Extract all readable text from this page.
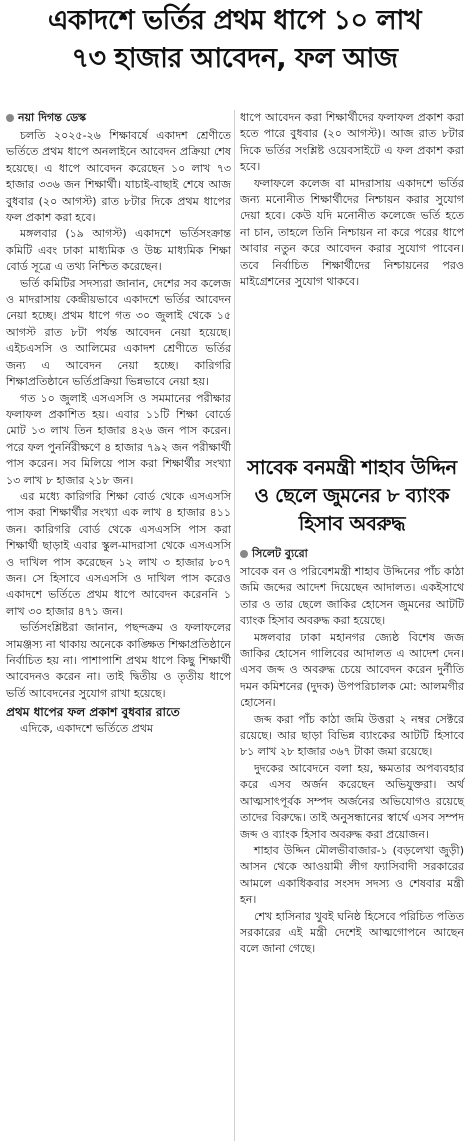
একাদশে ভর্তির প্রথম ধাপে ১০ লাখ
৭৩ হাজার আবেদন, ফল আজ
নয়া দিগন্ত ডেস্ক

চলতি ২০২৫-২৬ শিক্ষাবর্ষে একাদশ শ্রেণীতে ভর্তিতে প্রথম ধাপে অনলাইনে আবেদন প্রক্রিয়া শেষ হয়েছে। এ ধাপে আবেদন করেছেন ১০ লাখ ৭৩ হাজার ৩৩৬ জন শিক্ষার্থী। যাচাই-বাছাই শেষে আজ বুধবার (২০ আগস্ট) রাত ৮টার দিকে প্রথম ধাপের ফল প্রকাশ করা হবে।

মঙ্গলবার (১৯ আগস্ট) একাদশে ভর্তিসংক্রান্ত কমিটি এবং ঢাকা মাধ্যমিক ও উচ্চ মাধ্যমিক শিক্ষা বোর্ড সূত্রে এ তথ্য নিশ্চিত করেছেন।

ভর্তি কমিটির সদস্যরা জানান, দেশের সব কলেজ ও মাদরাসায় কেন্দ্রীয়ভাবে একাদশে ভর্তির আবেদন নেয়া হচ্ছে। প্রথম ধাপে গত ৩০ জুলাই থেকে ১৫ আগস্ট রাত ৮টা পর্যন্ত আবেদন নেয়া হয়েছে। এইচএসসি ও আলিমের একাদশ শ্রেণীতে ভর্তির জন্য এ আবেদন নেয়া হচ্ছে। কারিগরি শিক্ষাপ্রতিষ্ঠানে ভর্তিপ্রক্রিয়া ভিন্নভাবে নেয়া হয়।

গত ১০ জুলাই এসএসসি ও সমমানের পরীক্ষার ফলাফল প্রকাশিত হয়। এবার ১১টি শিক্ষা বোর্ডে মোট ১৩ লাখ তিন হাজার ৪২৬ জন পাস করেন। পরে ফল পুনর্নিরীক্ষণে ৪ হাজার ৭৯২ জন পরীক্ষার্থী পাস করেন। সব মিলিয়ে পাস করা শিক্ষার্থীর সংখ্যা ১৩ লাখ ৮ হাজার ২১৮ জন।

এর মধ্যে কারিগরি শিক্ষা বোর্ড থেকে এসএসসি পাস করা শিক্ষার্থীর সংখ্যা এক লাখ ৪ হাজার ৪১১ জন। কারিগরি বোর্ড থেকে এসএসসি পাস করা শিক্ষার্থী ছাড়াই এবার স্কুল-মাদরাসা থেকে এসএসসি ও দাখিল পাস করেছেন ১২ লাখ ৩ হাজার ৮০৭ জন। সে হিসাবে এসএসসি ও দাখিল পাস করেও একাদশে ভর্তিতে প্রথম ধাপে আবেদন করেননি ১ লাখ ৩০ হাজার ৪৭১ জন।

ভর্তিসংশ্লিষ্টরা জানান, পছন্দক্রম ও ফলাফলের সামঞ্জস্য না থাকায় অনেকে কাঙ্ক্ষিত শিক্ষাপ্রতিষ্ঠানে নির্বাচিত হয় না। পাশাপাশি প্রথম ধাপে কিছু শিক্ষার্থী আবেদনও করেন না। তাই দ্বিতীয় ও তৃতীয় ধাপে ভর্তি আবেদনের সুযোগ রাখা হয়েছে।

প্রথম ধাপের ফল প্রকাশ বুধবার রাতে

এদিকে, একাদশে ভর্তিতে প্রথম

ধাপে আবেদন করা শিক্ষার্থীদের ফলাফল প্রকাশ করা হতে পারে বুধবার (২০ আগস্ট)। আজ রাত ৮টার দিকে ভর্তির সংশ্লিষ্ট ওয়েবসাইটে এ ফল প্রকাশ করা হবে।

ফলাফলে কলেজ বা মাদরাসায় একাদশে ভর্তির জন্য মনোনীত শিক্ষার্থীদের নিশ্চায়ন করার সুযোগ দেয়া হবে। কেউ যদি মনোনীত কলেজে ভর্তি হতে না চান, তাহলে তিনি নিশ্চায়ন না করে পরের ধাপে আবার নতুন করে আবেদন করার সুযোগ পাবেন। তবে নির্বাচিত শিক্ষার্থীদের নিশ্চায়নের পরও মাইগ্রেশনের সুযোগ থাকবে।

সাবেক বনমন্ত্রী শাহাব উদ্দিন ও ছেলে জুমনের ৮ ব্যাংক হিসাব অবরুদ্ধ
সিলেট ব্যুরো

সাবেক বন ও পরিবেশমন্ত্রী শাহাব উদ্দিনের পাঁচ কাঠা জমি জব্দের আদেশ দিয়েছেন আদালত। একইসাথে তার ও তার ছেলে জাকির হোসেন জুমনের আটটি ব্যাংক হিসাব অবরুদ্ধ করা হয়েছে।

মঙ্গলবার ঢাকা মহানগর জ্যেষ্ঠ বিশেষ জজ জাকির হোসেন গালিবের আদালত এ আদেশ দেন। এসব জব্দ ও অবরুদ্ধ চেয়ে আবেদন করেন দুর্নীতি দমন কমিশনের (দুদক) উপপরিচালক মো: আলমগীর হোসেন।

জব্দ করা পাঁচ কাঠা জমি উত্তরা ২ নম্বর সেক্টরে রয়েছে। আর ছাড়া বিভিন্ন ব্যাংকের আটটি হিসাবে ৮১ লাখ ২৮ হাজার ৩৬৭ টাকা জমা রয়েছে।

দুদকের আবেদনে বলা হয়, ক্ষমতার অপব্যবহার করে এসব অর্জন করেছেন অভিযুক্তরা। অর্থ আত্মসাৎপূর্বক সম্পদ অর্জনের অভিযোগও রয়েছে তাদের বিরুদ্ধে। তাই অনুসন্ধানের স্বার্থে এসব সম্পদ জব্দ ও ব্যাংক হিসাব অবরুদ্ধ করা প্রয়োজন।

শাহাব উদ্দিন মৌলভীবাজার-১ (বড়লেখা জুড়ী) আসন থেকে আওয়ামী লীগ ফ্যাসিবাদী সরকারের আমলে একাধিকবার সংসদ সদস্য ও শেষবার মন্ত্রী হন।

শেখ হাসিনার খুবই ঘনিষ্ঠ হিসেবে পরিচিত পতিত সরকারের এই মন্ত্রী দেশেই আত্মগোপনে আছেন বলে জানা গেছে।
